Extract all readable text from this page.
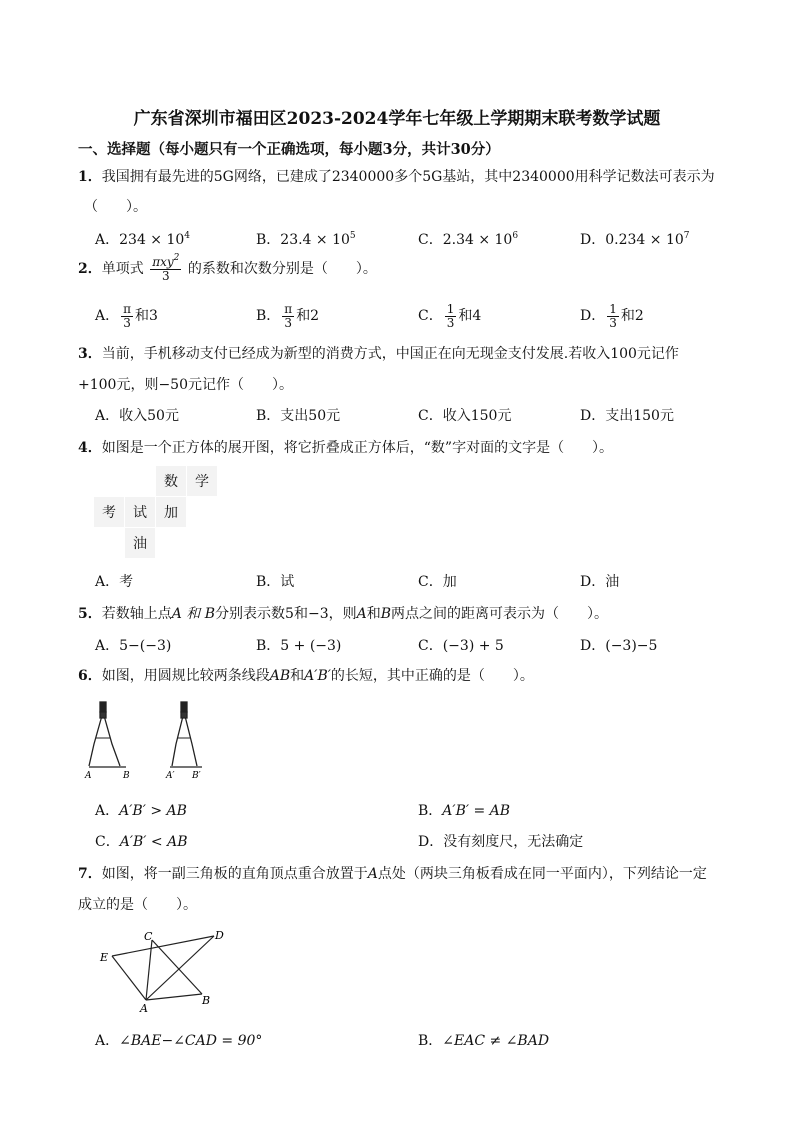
广东省深圳市福田区2023-2024学年七年级上学期期末联考数学试题
一、选择题（每小题只有一个正确选项，每小题3分，共计30分）
1．我国拥有最先进的5G网络，已建成了2340000多个5G基站，其中2340000用科学记数法可表示为
（　　）。
A．$234 \times 10^4$	B．$23.4 \times 10^5$	C．$2.34 \times 10^6$	D．$0.234 \times 10^7$
2．单项式 $\frac{\pi xy^2}{3}$ 的系数和次数分别是（　　）。
A． $\frac{\pi}{3}$ 和3	B． $\frac{\pi}{3}$ 和2	C． $\frac{1}{3}$ 和4	D． $\frac{1}{3}$ 和2
3．当前，手机移动支付已经成为新型的消费方式，中国正在向无现金支付发展.若收入100元记作
+100元，则−50元记作（　　）。
A．收入50元	B．支出50元	C．收入150元	D．支出150元
4．如图是一个正方体的展开图，将它折叠成正方体后，“数”字对面的文字是（　　）。
数	学
考	试	加
油
A．考	B．试	C．加	D．油
5．若数轴上点A 和 B分别表示数5和−3，则A和B两点之间的距离可表示为（　　）。
A．5−(−3)	B．5 + (−3)	C．(−3) + 5	D．(−3)−5
6．如图，用圆规比较两条线段AB和A′B′的长短，其中正确的是（　　）。
A	B	A′ B′
A．A′B′ > AB	B．A′B′ = AB
C．A′B′ < AB	D．没有刻度尺，无法确定
7．如图，将一副三角板的直角顶点重合放置于A点处（两块三角板看成在同一平面内），下列结论一定
成立的是（　　）。
C	D
E
A
B
A．∠BAE−∠CAD = 90°	B．∠EAC ≠ ∠BAD
